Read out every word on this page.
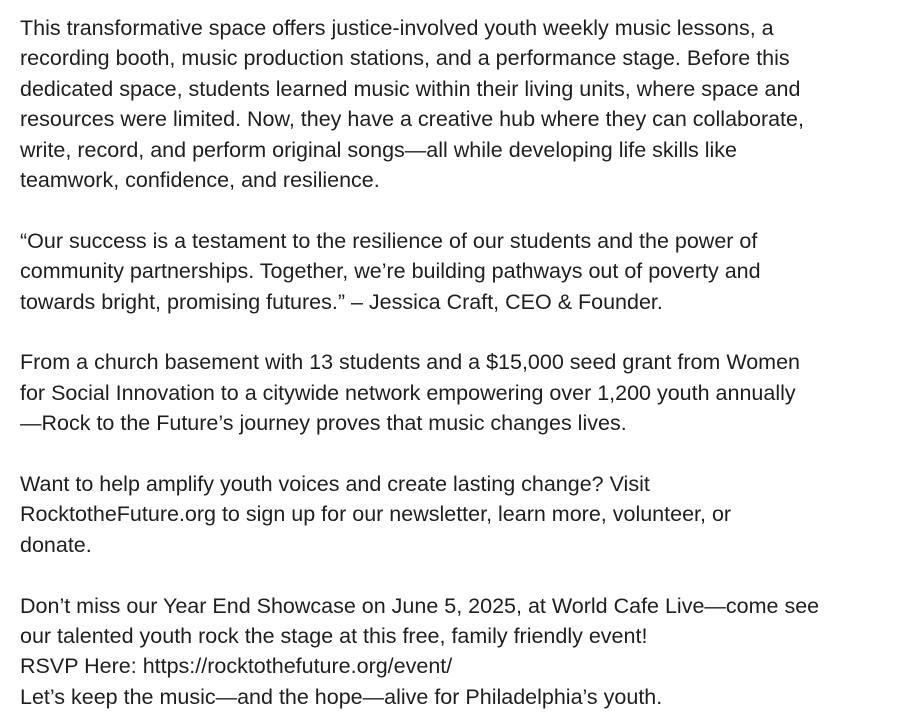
This transformative space offers justice-involved youth weekly music lessons, a
recording booth, music production stations, and a performance stage. Before this
dedicated space, students learned music within their living units, where space and
resources were limited. Now, they have a creative hub where they can collaborate,
write, record, and perform original songs—all while developing life skills like
teamwork, confidence, and resilience.

“Our success is a testament to the resilience of our students and the power of
community partnerships. Together, we’re building pathways out of poverty and
towards bright, promising futures.” – Jessica Craft, CEO & Founder.

From a church basement with 13 students and a $15,000 seed grant from Women
for Social Innovation to a citywide network empowering over 1,200 youth annually
—Rock to the Future’s journey proves that music changes lives.

Want to help amplify youth voices and create lasting change? Visit
RocktotheFuture.org to sign up for our newsletter, learn more, volunteer, or
donate.

Don’t miss our Year End Showcase on June 5, 2025, at World Cafe Live—come see
our talented youth rock the stage at this free, family friendly event!
RSVP Here: https://rocktothefuture.org/event/
Let’s keep the music—and the hope—alive for Philadelphia’s youth.
